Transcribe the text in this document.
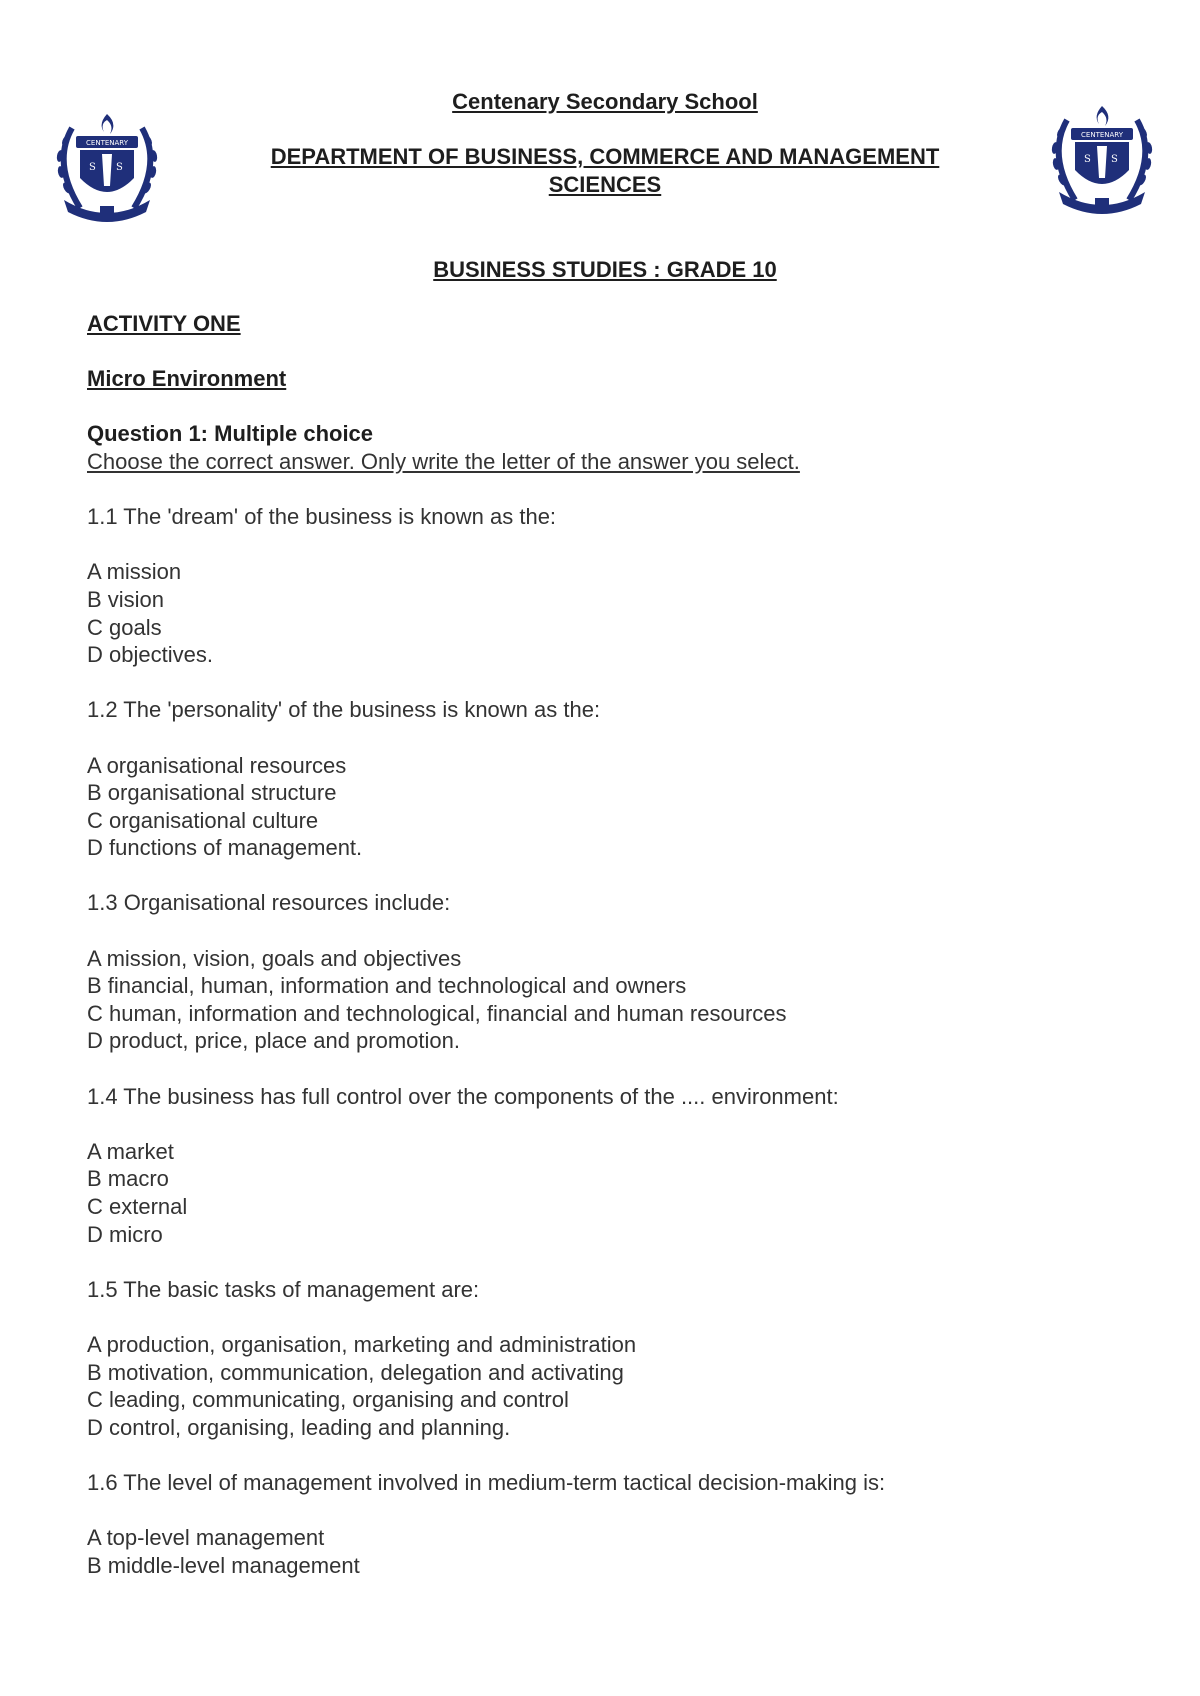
CENTENARY
S S
CENTENARY
S S
Centenary Secondary School
DEPARTMENT OF BUSINESS, COMMERCE AND MANAGEMENT
SCIENCES
BUSINESS STUDIES : GRADE 10
ACTIVITY ONE
Micro Environment
Question 1: Multiple choice
Choose the correct answer. Only write the letter of the answer you select.
1.1 The 'dream' of the business is known as the:
A mission
B vision
C goals
D objectives.
1.2 The 'personality' of the business is known as the:
A organisational resources
B organisational structure
C organisational culture
D functions of management.
1.3 Organisational resources include:
A mission, vision, goals and objectives
B financial, human, information and technological and owners
C human, information and technological, financial and human resources
D product, price, place and promotion.
1.4 The business has full control over the components of the .... environment:
A market
B macro
C external
D micro
1.5 The basic tasks of management are:
A production, organisation, marketing and administration
B motivation, communication, delegation and activating
C leading, communicating, organising and control
D control, organising, leading and planning.
1.6 The level of management involved in medium-term tactical decision-making is:
A top-level management
B middle-level management
